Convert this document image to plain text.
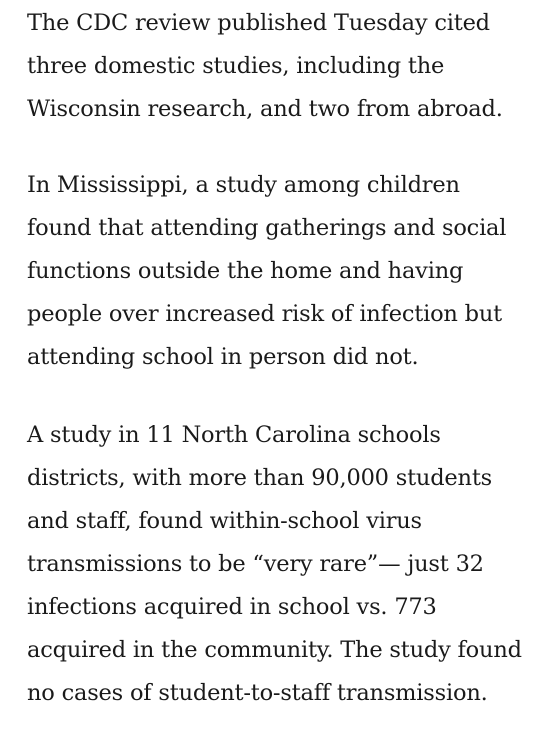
The CDC review published Tuesday cited three domestic studies, including the Wisconsin research, and two from abroad.

In Mississippi, a study among children found that attending gatherings and social functions outside the home and having people over increased risk of infection but attending school in person did not.

A study in 11 North Carolina schools districts, with more than 90,000 students and staff, found within-school virus transmissions to be “very rare”— just 32 infections acquired in school vs. 773 acquired in the community. The study found no cases of student-to-staff transmission.
